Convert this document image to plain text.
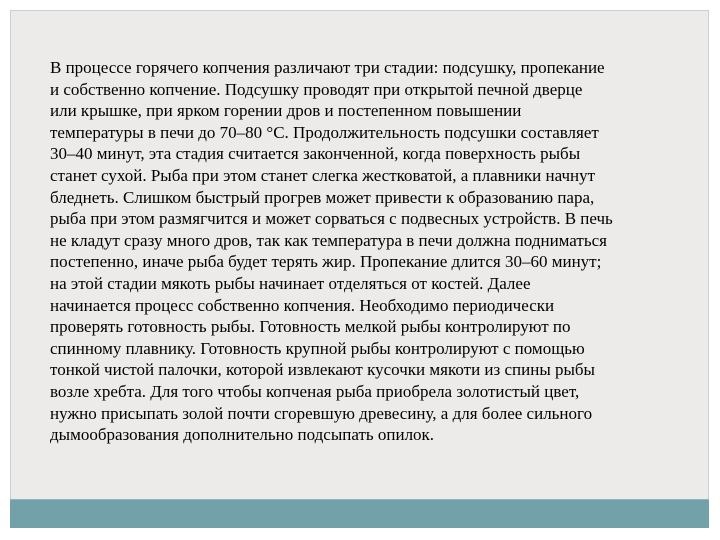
В процессе горячего копчения различают три стадии: подсушку, пропекание
и собственно копчение. Подсушку проводят при открытой печной дверце
или крышке, при ярком горении дров и постепенном повышении
температуры в печи до 70–80 °С. Продолжительность подсушки составляет
30–40 минут, эта стадия считается законченной, когда поверхность рыбы
станет сухой. Рыба при этом станет слегка жестковатой, а плавники начнут
бледнеть. Слишком быстрый прогрев может привести к образованию пара,
рыба при этом размягчится и может сорваться с подвесных устройств. В печь
не кладут сразу много дров, так как температура в печи должна подниматься
постепенно, иначе рыба будет терять жир. Пропекание длится 30–60 минут;
на этой стадии мякоть рыбы начинает отделяться от костей. Далее
начинается процесс собственно копчения. Необходимо периодически
проверять готовность рыбы. Готовность мелкой рыбы контролируют по
спинному плавнику. Готовность крупной рыбы контролируют с помощью
тонкой чистой палочки, которой извлекают кусочки мякоти из спины рыбы
возле хребта. Для того чтобы копченая рыба приобрела золотистый цвет,
нужно присыпать золой почти сгоревшую древесину, а для более сильного
дымообразования дополнительно подсыпать опилок.
